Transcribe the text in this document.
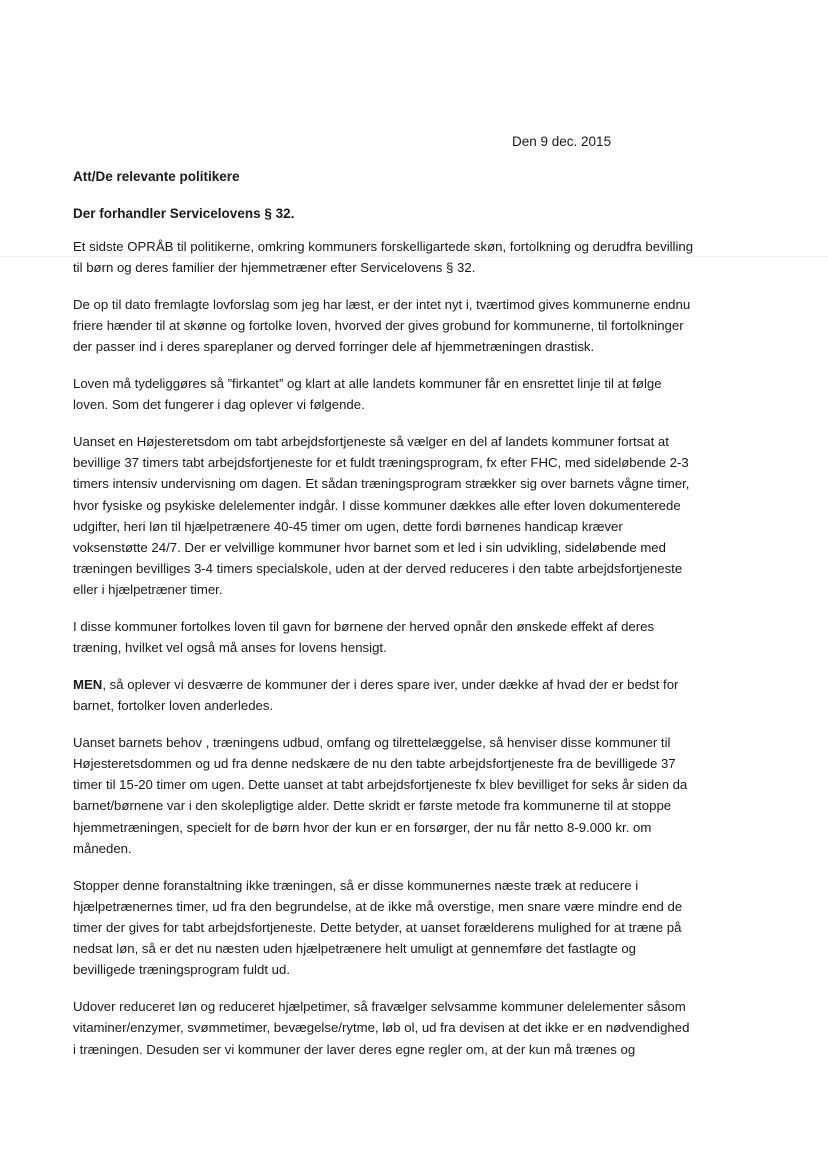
Den 9 dec. 2015
Att/De relevante politikere
Der forhandler Servicelovens § 32.

Et sidste OPRÅB til politikerne, omkring kommuners forskelligartede skøn, fortolkning og derudfra bevilling
til børn og deres familier der hjemmetræner efter Servicelovens § 32.

De op til dato fremlagte lovforslag som jeg har læst, er der intet nyt i, tværtimod gives kommunerne endnu
friere hænder til at skønne og fortolke loven, hvorved der gives grobund for kommunerne, til fortolkninger
der passer ind i deres spareplaner og derved forringer dele af hjemmetræningen drastisk.

Loven må tydeliggøres så ”firkantet” og klart at alle landets kommuner får en ensrettet linje til at følge
loven. Som det fungerer i dag oplever vi følgende.

Uanset en Højesteretsdom om tabt arbejdsfortjeneste så vælger en del af landets kommuner fortsat at
bevillige 37 timers tabt arbejdsfortjeneste for et fuldt træningsprogram, fx efter FHC, med sideløbende 2-3
timers intensiv undervisning om dagen. Et sådan træningsprogram strækker sig over barnets vågne timer,
hvor fysiske og psykiske delelementer indgår. I disse kommuner dækkes alle efter loven dokumenterede
udgifter, heri løn til hjælpetrænere 40-45 timer om ugen, dette fordi børnenes handicap kræver
voksenstøtte 24/7. Der er velvillige kommuner hvor barnet som et led i sin udvikling, sideløbende med
træningen bevilliges 3-4 timers specialskole, uden at der derved reduceres i den tabte arbejdsfortjeneste
eller i hjælpetræner timer.

I disse kommuner fortolkes loven til gavn for børnene der herved opnår den ønskede effekt af deres
træning, hvilket vel også må anses for lovens hensigt.

MEN, så oplever vi desværre de kommuner der i deres spare iver, under dække af hvad der er bedst for
barnet, fortolker loven anderledes.

Uanset barnets behov , træningens udbud, omfang og tilrettelæggelse, så henviser disse kommuner til
Højesteretsdommen og ud fra denne nedskære de nu den tabte arbejdsfortjeneste fra de bevilligede 37
timer til 15-20 timer om ugen. Dette uanset at tabt arbejdsfortjeneste fx blev bevilliget for seks år siden da
barnet/børnene var i den skolepligtige alder. Dette skridt er første metode fra kommunerne til at stoppe
hjemmetræningen, specielt for de børn hvor der kun er en forsørger, der nu får netto 8-9.000 kr. om
måneden.

Stopper denne foranstaltning ikke træningen, så er disse kommunernes næste træk at reducere i
hjælpetrænernes timer, ud fra den begrundelse, at de ikke må overstige, men snare være mindre end de
timer der gives for tabt arbejdsfortjeneste. Dette betyder, at uanset forælderens mulighed for at træne på
nedsat løn, så er det nu næsten uden hjælpetrænere helt umuligt at gennemføre det fastlagte og
bevilligede træningsprogram fuldt ud.

Udover reduceret løn og reduceret hjælpetimer, så fravælger selvsamme kommuner delelementer såsom
vitaminer/enzymer, svømmetimer, bevægelse/rytme, løb ol, ud fra devisen at det ikke er en nødvendighed
i træningen. Desuden ser vi kommuner der laver deres egne regler om, at der kun må trænes og
